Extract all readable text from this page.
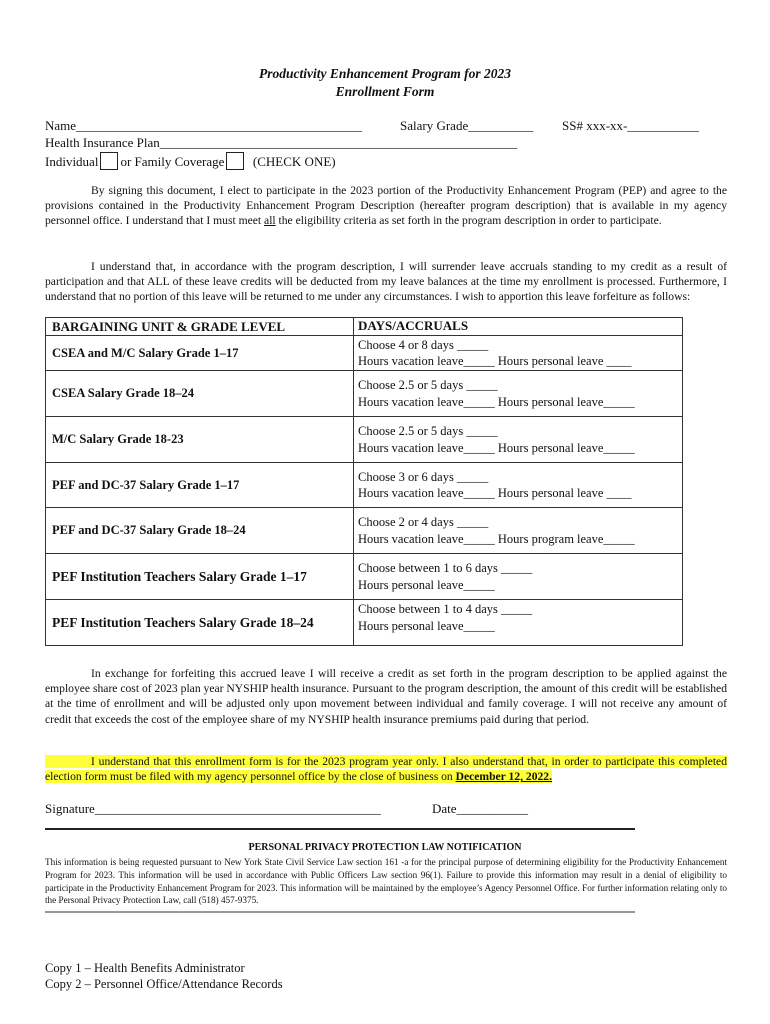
Productivity Enhancement Program for 2023
Enrollment Form
Name____________________________________________	Salary Grade__________ SS# xxx-xx-___________
Health Insurance Plan_______________________________________________________
Individual or Family Coverage (CHECK ONE)
By signing this document, I elect to participate in the 2023 portion of the Productivity Enhancement Program (PEP) and agree to the provisions contained in the Productivity Enhancement Program Description (hereafter program description) that is available in my agency personnel office. I understand that I must meet all the eligibility criteria as set forth in the program description in order to participate.
I understand that, in accordance with the program description, I will surrender leave accruals standing to my credit as a result of participation and that ALL of these leave credits will be deducted from my leave balances at the time my enrollment is processed. Furthermore, I understand that no portion of this leave will be returned to me under any circumstances. I wish to apportion this leave forfeiture as follows:
BARGAINING UNIT & GRADE LEVEL	DAYS/ACCRUALS
CSEA and M/C Salary Grade 1–17	Choose 4 or 8 days _____
Hours vacation leave_____ Hours personal leave ____

CSEA Salary Grade 18–24	Choose 2.5 or 5 days _____
Hours vacation leave_____ Hours personal leave_____

M/C Salary Grade 18-23	Choose 2.5 or 5 days _____
Hours vacation leave_____ Hours personal leave_____

PEF and DC-37 Salary Grade 1–17	Choose 3 or 6 days _____
Hours vacation leave_____ Hours personal leave ____

PEF and DC-37 Salary Grade 18–24	Choose 2 or 4 days _____
Hours vacation leave_____ Hours program leave_____

PEF Institution Teachers Salary Grade 1–17	Choose between 1 to 6 days _____
Hours personal leave_____

PEF Institution Teachers Salary Grade 18–24	Choose between 1 to 4 days _____
Hours personal leave_____
In exchange for forfeiting this accrued leave I will receive a credit as set forth in the program description to be applied against the employee share cost of 2023 plan year NYSHIP health insurance. Pursuant to the program description, the amount of this credit will be established at the time of enrollment and will be adjusted only upon movement between individual and family coverage. I will not receive any amount of credit that exceeds the cost of the employee share of my NYSHIP health insurance premiums paid during that period.
I understand that this enrollment form is for the 2023 program year only. I also understand that, in order to participate this completed election form must be filed with my agency personnel office by the close of business on December 12, 2022.
Signature____________________________________________	Date___________
PERSONAL PRIVACY PROTECTION LAW NOTIFICATION
This information is being requested pursuant to New York State Civil Service Law section 161 -a for the principal purpose of determining eligibility for the Productivity Enhancement Program for 2023. This information will be used in accordance with Public Officers Law section 96(1). Failure to provide this information may result in a denial of eligibility to participate in the Productivity Enhancement Program for 2023. This information will be maintained by the employee’s Agency Personnel Office. For further information relating only to the Personal Privacy Protection Law, call (518) 457-9375.
Copy 1 – Health Benefits Administrator
Copy 2 – Personnel Office/Attendance Records
